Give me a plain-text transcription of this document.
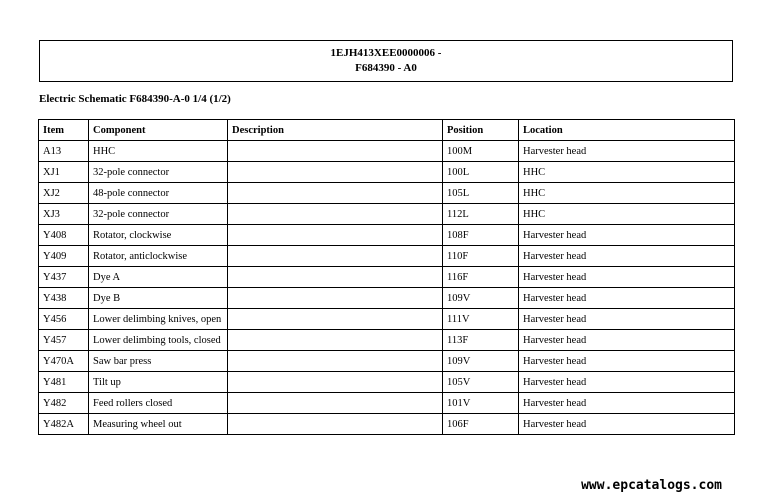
1EJH413XEE0000006 -
F684390 - A0
Electric Schematic F684390-A-0 1/4 (1/2)
Item	Component	Description	Position	Location
A13	HHC		100M	Harvester head
XJ1	32-pole connector		100L	HHC
XJ2	48-pole connector		105L	HHC
XJ3	32-pole connector		112L	HHC
Y408	Rotator, clockwise		108F	Harvester head
Y409	Rotator, anticlockwise		110F	Harvester head
Y437	Dye A		116F	Harvester head
Y438	Dye B		109V	Harvester head
Y456	Lower delimbing knives, open		111V	Harvester head
Y457	Lower delimbing tools, closed		113F	Harvester head
Y470A	Saw bar press		109V	Harvester head
Y481	Tilt up		105V	Harvester head
Y482	Feed rollers closed		101V	Harvester head
Y482A	Measuring wheel out		106F	Harvester head
www.epcatalogs.com
